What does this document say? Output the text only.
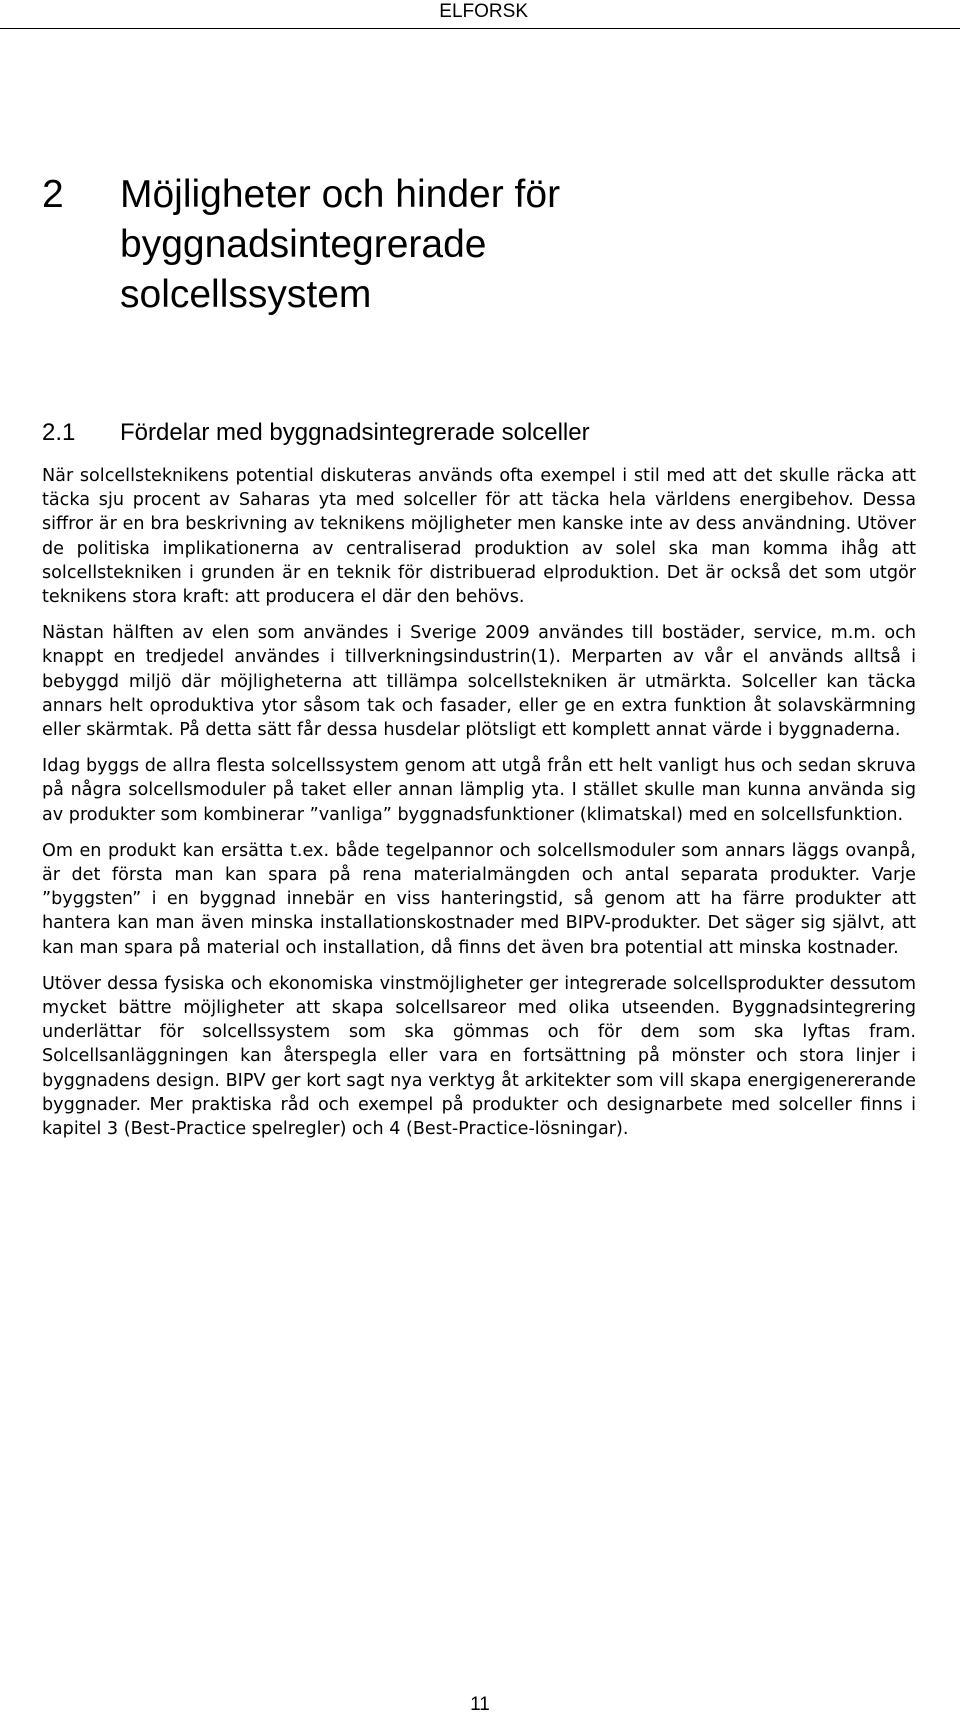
ELFORSK
2	Möjligheter och hinder för
byggnadsintegrerade
solcellssystem
2.1	Fördelar med byggnadsintegrerade solceller

När solcellsteknikens potential diskuteras används ofta exempel i stil med att det skulle räcka att täcka sju procent av Saharas yta med solceller för att täcka hela världens energibehov. Dessa siffror är en bra beskrivning av teknikens möjligheter men kanske inte av dess användning. Utöver de politiska implikationerna av centraliserad produktion av solel ska man komma ihåg att solcellstekniken i grunden är en teknik för distribuerad elproduktion. Det är också det som utgör teknikens stora kraft: att producera el där den behövs.

Nästan hälften av elen som användes i Sverige 2009 användes till bostäder, service, m.m. och knappt en tredjedel användes i tillverkningsindustrin(1). Merparten av vår el används alltså i bebyggd miljö där möjligheterna att tillämpa solcellstekniken är utmärkta. Solceller kan täcka annars helt oproduktiva ytor såsom tak och fasader, eller ge en extra funktion åt solavskärmning eller skärmtak. På detta sätt får dessa husdelar plötsligt ett komplett annat värde i byggnaderna.

Idag byggs de allra flesta solcellssystem genom att utgå från ett helt vanligt hus och sedan skruva på några solcellsmoduler på taket eller annan lämplig yta. I stället skulle man kunna använda sig av produkter som kombinerar ”vanliga” byggnadsfunktioner (klimatskal) med en solcellsfunktion.

Om en produkt kan ersätta t.ex. både tegelpannor och solcellsmoduler som annars läggs ovanpå, är det första man kan spara på rena materialmängden och antal separata produkter. Varje ”byggsten” i en byggnad innebär en viss hanteringstid, så genom att ha färre produkter att hantera kan man även minska installationskostnader med BIPV-produkter. Det säger sig självt, att kan man spara på material och installation, då finns det även bra potential att minska kostnader.

Utöver dessa fysiska och ekonomiska vinstmöjligheter ger integrerade solcellsprodukter dessutom mycket bättre möjligheter att skapa solcellsareor med olika utseenden. Byggnadsintegrering underlättar för solcellssystem som ska gömmas och för dem som ska lyftas fram. Solcellsanläggningen kan återspegla eller vara en fortsättning på mönster och stora linjer i byggnadens design. BIPV ger kort sagt nya verktyg åt arkitekter som vill skapa energigenererande byggnader. Mer praktiska råd och exempel på produkter och designarbete med solceller finns i kapitel 3 (Best-Practice spelregler) och 4 (Best-Practice-lösningar).

11
